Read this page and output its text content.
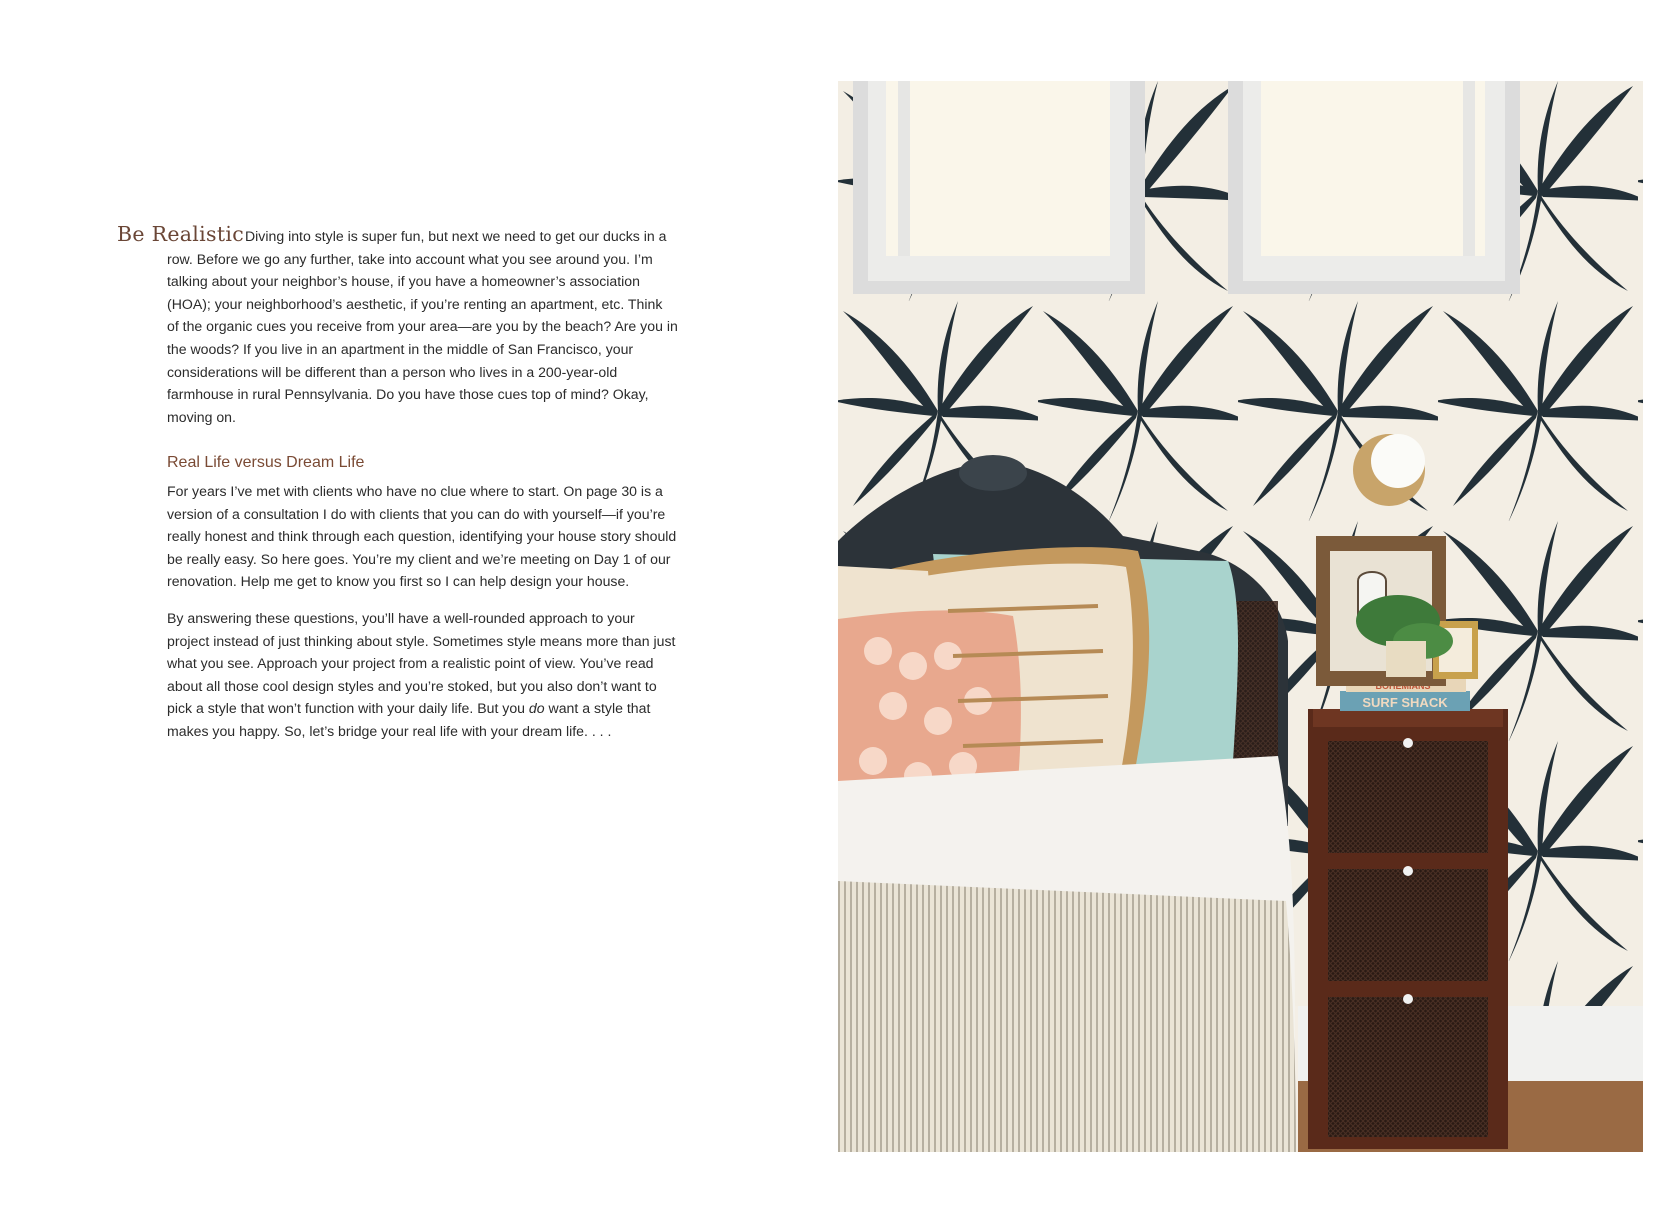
Be Realistic Diving into style is super fun, but next we need to get our ducks in a row. Before we go any further, take into account what you see around you. I’m talking about your neighbor’s house, if you have a homeowner’s association (HOA); your neighborhood’s aesthetic, if you’re renting an apartment, etc. Think of the organic cues you receive from your area—are you by the beach? Are you in the woods? If you live in an apartment in the middle of San Francisco, your considerations will be different than a person who lives in a 200-year-old farmhouse in rural Pennsylvania. Do you have those cues top of mind? Okay, moving on.

Real Life versus Dream Life

For years I’ve met with clients who have no clue where to start. On page 30 is a version of a consultation I do with clients that you can do with yourself—if you’re really honest and think through each question, identifying your house story should be really easy. So here goes. You’re my client and we’re meeting on Day 1 of our renovation. Help me get to know you first so I can help design your house.

By answering these questions, you’ll have a well-rounded approach to your project instead of just thinking about style. Sometimes style means more than just what you see. Approach your project from a realistic point of view. You’ve read about all those cool design styles and you’re stoked, but you also don’t want to pick a style that won’t function with your daily life. But you do want a style that makes you happy. So, let’s bridge your real life with your dream life. . . .

SURF SHACK
